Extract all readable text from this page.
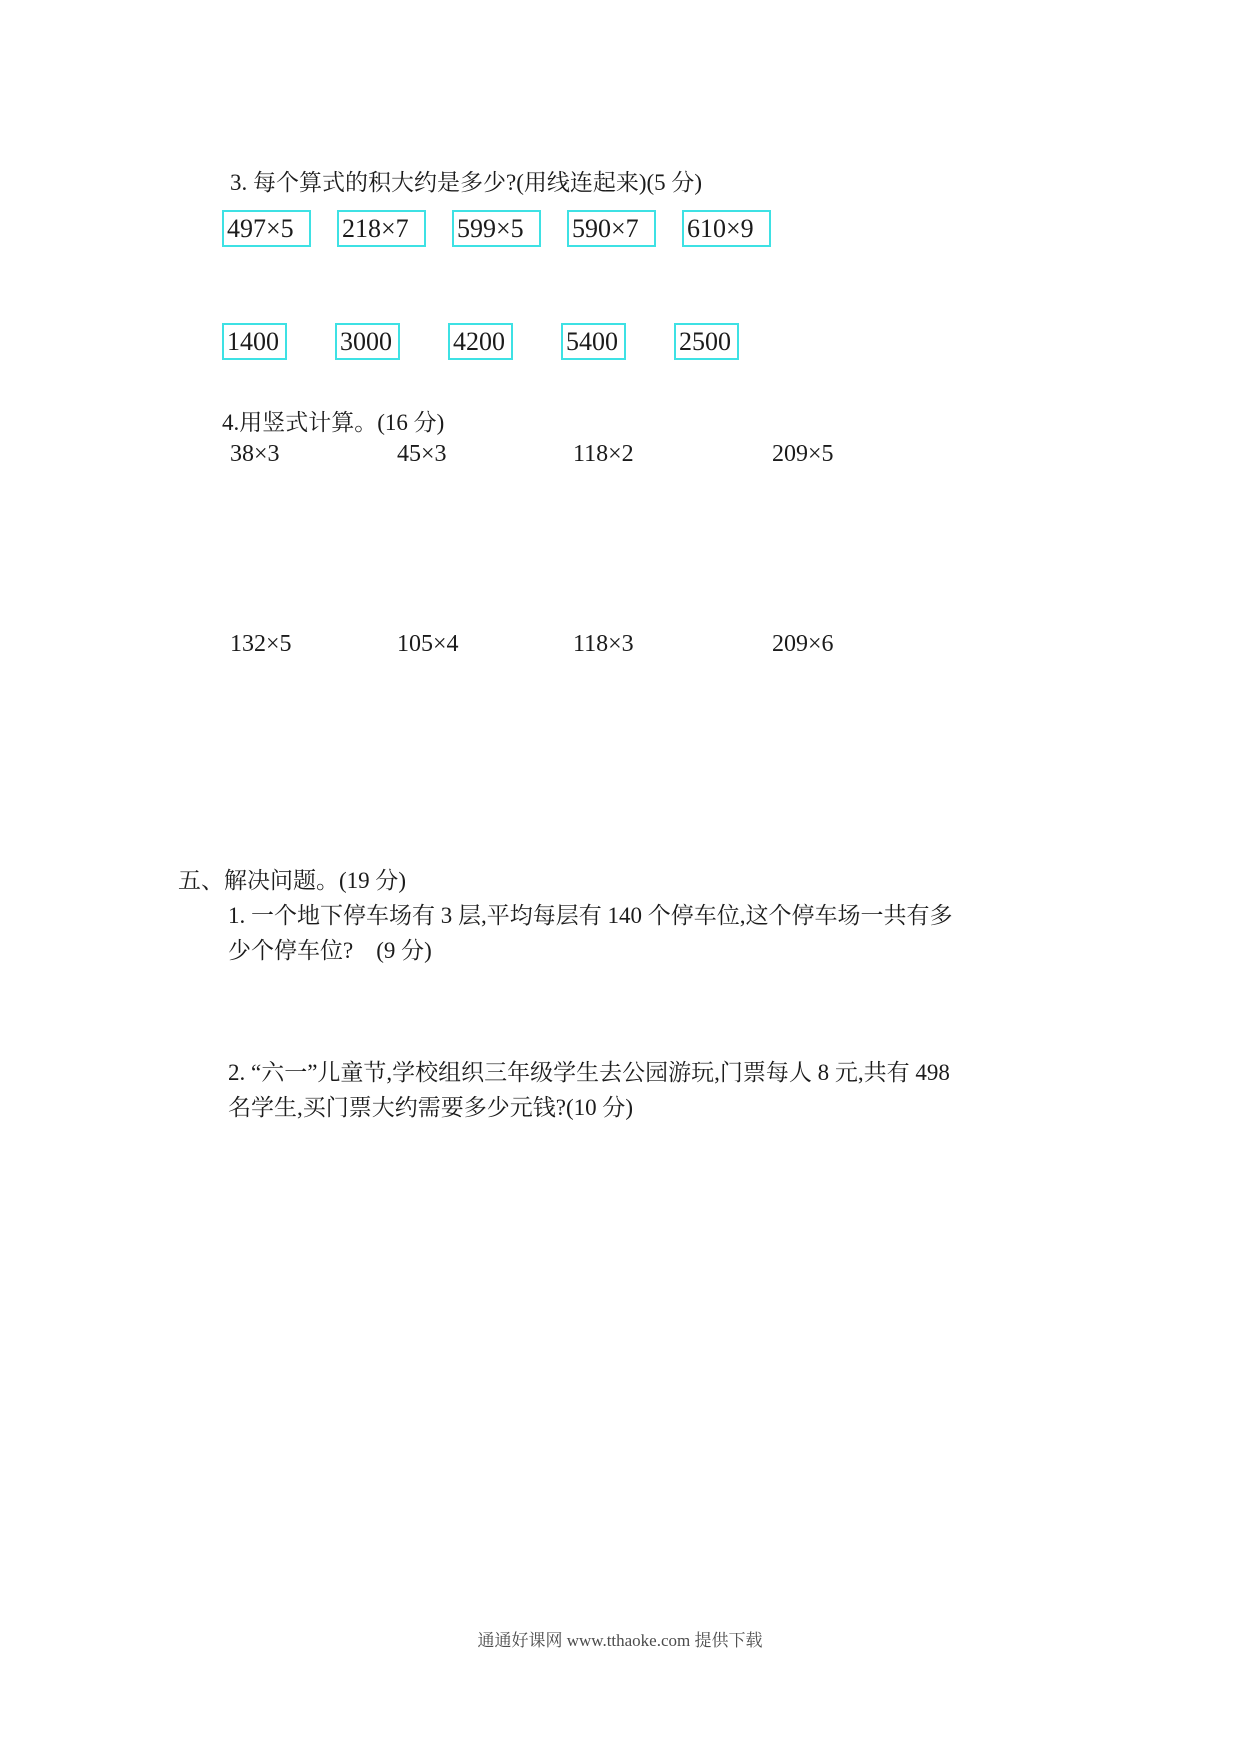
3. 每个算式的积大约是多少?(用线连起来)(5 分)
497×5	218×7	599×5	590×7	610×9
1400	3000	4200	5400	2500
4.用竖式计算。(16 分)
38×3	45×3	118×2	209×5
132×5	105×4	118×3	209×6
五、解决问题。(19 分)
1. 一个地下停车场有 3 层,平均每层有 140 个停车位,这个停车场一共有多
少个停车位?    (9 分)
2. “六一”儿童节,学校组织三年级学生去公园游玩,门票每人 8 元,共有 498
名学生,买门票大约需要多少元钱?(10 分)
通通好课网 www.tthaoke.com 提供下载
